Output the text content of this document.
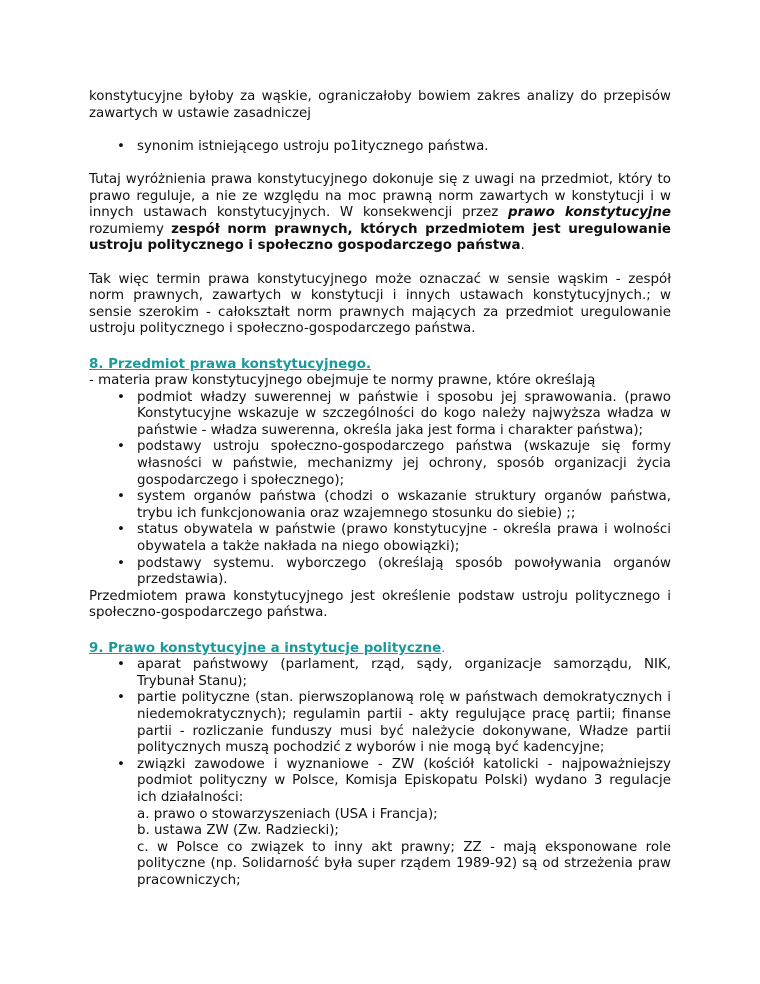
konstytucyjne byłoby za wąskie, ograniczałoby bowiem zakres analizy do przepisów zawartych w ustawie zasadniczej

• synonim istniejącego ustroju po1itycznego państwa.

Tutaj wyróżnienia prawa konstytucyjnego dokonuje się z uwagi na przedmiot, który to prawo reguluje, a nie ze względu na moc prawną norm zawartych w konstytucji i w innych ustawach konstytucyjnych. W konsekwencji przez prawo konstytucyjne rozumiemy zespół norm prawnych, których przedmiotem jest uregulowanie ustroju politycznego i społeczno gospodarczego państwa.

Tak więc termin prawa konstytucyjnego może oznaczać w sensie wąskim - zespół norm prawnych, zawartych w konstytucji i innych ustawach konstytucyjnych.; w sensie szerokim - całokształt norm prawnych mających za przedmiot uregulowanie ustroju politycznego i społeczno-gospodarczego państwa.

8. Przedmiot prawa konstytucyjnego.

- materia praw konstytucyjnego obejmuje te normy prawne, które określają

• podmiot władzy suwerennej w państwie i sposobu jej sprawowania. (prawo Konstytucyjne wskazuje w szczególności do kogo należy najwyższa władza w państwie - władza suwerenna, określa jaka jest forma i charakter państwa);
• podstawy ustroju społeczno-gospodarczego państwa (wskazuje się formy własności w państwie, mechanizmy jej ochrony, sposób organizacji życia gospodarczego i społecznego);
• system organów państwa (chodzi o wskazanie struktury organów państwa, trybu ich funkcjonowania oraz wzajemnego stosunku do siebie) ;;
• status obywatela w państwie (prawo konstytucyjne - określa prawa i wolności obywatela a także nakłada na niego obowiązki);
• podstawy systemu. wyborczego (określają sposób powoływania organów przedstawia).

Przedmiotem prawa konstytucyjnego jest określenie podstaw ustroju politycznego i społeczno-gospodarczego państwa.

9. Prawo konstytucyjne a instytucje polityczne.

• aparat państwowy (parlament, rząd, sądy, organizacje samorządu, NIK, Trybunał Stanu);
• partie polityczne (stan. pierwszoplanową rolę w państwach demokratycznych i niedemokratycznych); regulamin partii - akty regulujące pracę partii; finanse partii - rozliczanie funduszy musi być należycie dokonywane, Władze partii politycznych muszą pochodzić z wyborów i nie mogą być kadencyjne;
• związki zawodowe i wyznaniowe - ZW (kościół katolicki - najpoważniejszy podmiot polityczny w Polsce, Komisja Episkopatu Polski) wydano 3 regulacje ich działalności:
a. prawo o stowarzyszeniach (USA i Francja);
b. ustawa ZW (Zw. Radziecki);
c. w Polsce co związek to inny akt prawny; ZZ - mają eksponowane role polityczne (np. Solidarność była super rządem 1989-92) są od strzeżenia praw pracowniczych;
